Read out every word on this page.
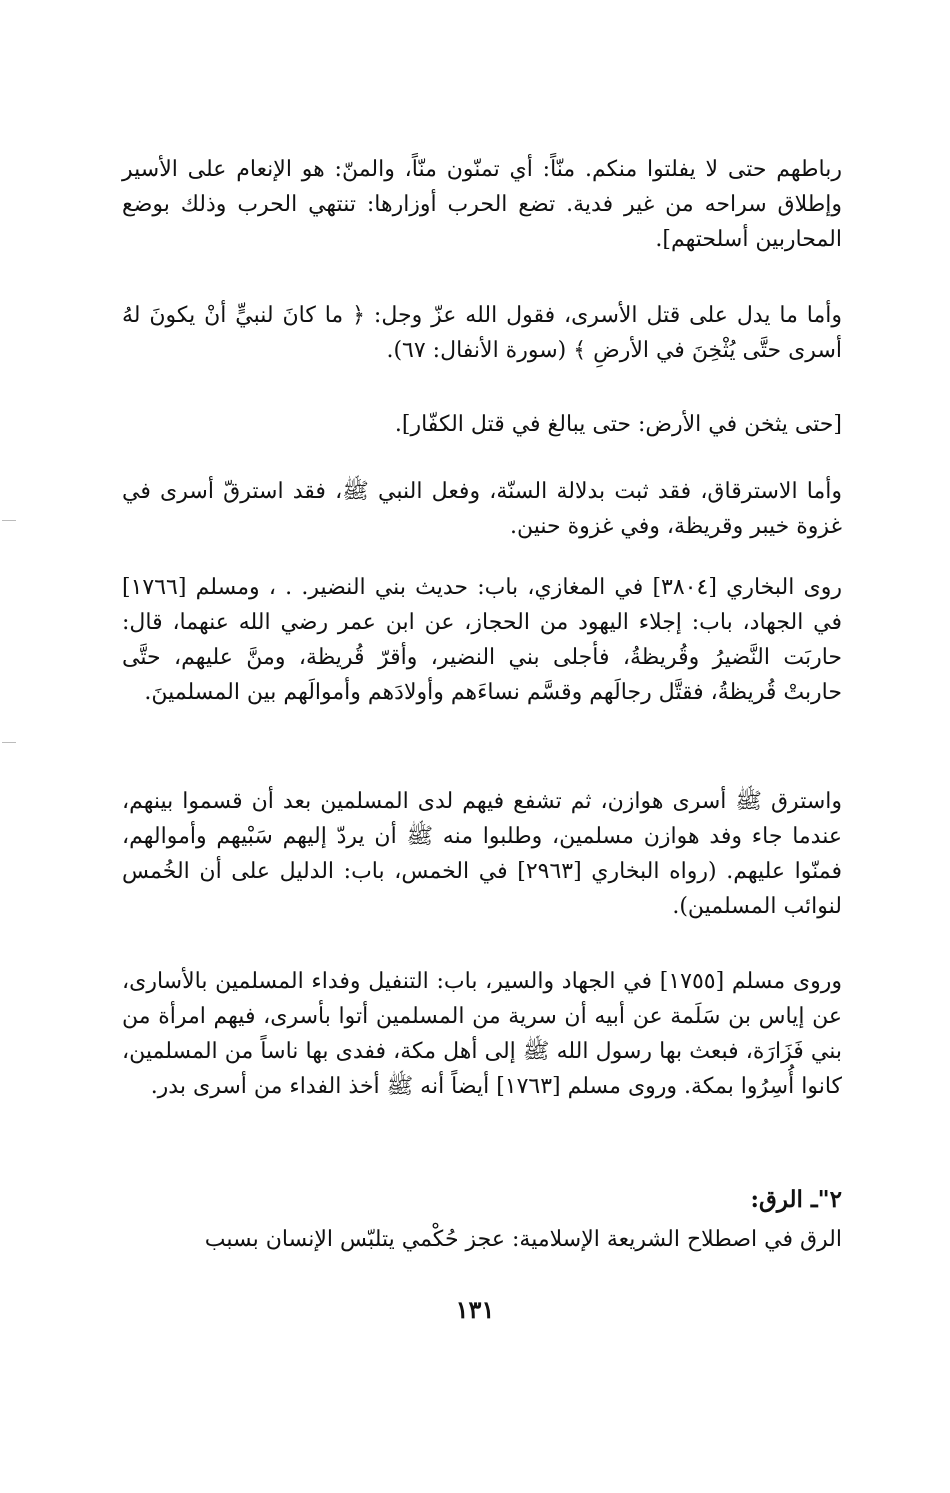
رباطهم حتى لا يفلتوا منكم. منّاً: أي تمنّون منّاً، والمنّ: هو الإنعام على الأسير وإطلاق سراحه من غير فدية. تضع الحرب أوزارها: تنتهي الحرب وذلك بوضع المحاربين أسلحتهم].

وأما ما يدل على قتل الأسرى، فقول الله عزّ وجل: ﴿ ما كانَ لنبيٍّ أنْ يكونَ لهُ أسرى حتَّى يُثْخِنَ في الأرضِ ﴾ (سورة الأنفال: ٦٧).

[حتى يثخن في الأرض: حتى يبالغ في قتل الكفّار].

وأما الاسترقاق، فقد ثبت بدلالة السنّة، وفعل النبي ﷺ، فقد استرقّ أسرى في غزوة خيبر وقريظة، وفي غزوة حنين.

روى البخاري [٣٨٠٤] في المغازي، باب: حديث بني النضير. . ، ومسلم [١٧٦٦] في الجهاد، باب: إجلاء اليهود من الحجاز، عن ابن عمر رضي الله عنهما، قال: حاربَت النَّضيرُ وقُريظةُ، فأجلى بني النضير، وأقرّ قُريظة، ومنَّ عليهم، حتَّى حاربتْ قُريظةُ، فقتَّل رجالَهم وقسَّم نساءَهم وأولادَهم وأموالَهم بين المسلمينَ.

واسترق ﷺ أسرى هوازن، ثم تشفع فيهم لدى المسلمين بعد أن قسموا بينهم، عندما جاء وفد هوازن مسلمين، وطلبوا منه ﷺ أن يردّ إليهم سَبْيهم وأموالهم، فمنّوا عليهم. (رواه البخاري [٢٩٦٣] في الخمس، باب: الدليل على أن الخُمس لنوائب المسلمين).

وروى مسلم [١٧٥٥] في الجهاد والسير، باب: التنفيل وفداء المسلمين بالأسارى، عن إياس بن سَلَمة عن أبيه أن سرية من المسلمين أتوا بأسرى، فيهم امرأة من بني فَزَارَة، فبعث بها رسول الله ﷺ إلى أهل مكة، ففدى بها ناساً من المسلمين، كانوا أُسِرُوا بمكة. وروى مسلم [١٧٦٣] أيضاً أنه ﷺ أخذ الفداء من أسرى بدر.

٢"ـ الرق:

الرق في اصطلاح الشريعة الإسلامية: عجز حُكْمي يتلبّس الإنسان بسبب

١٣١
